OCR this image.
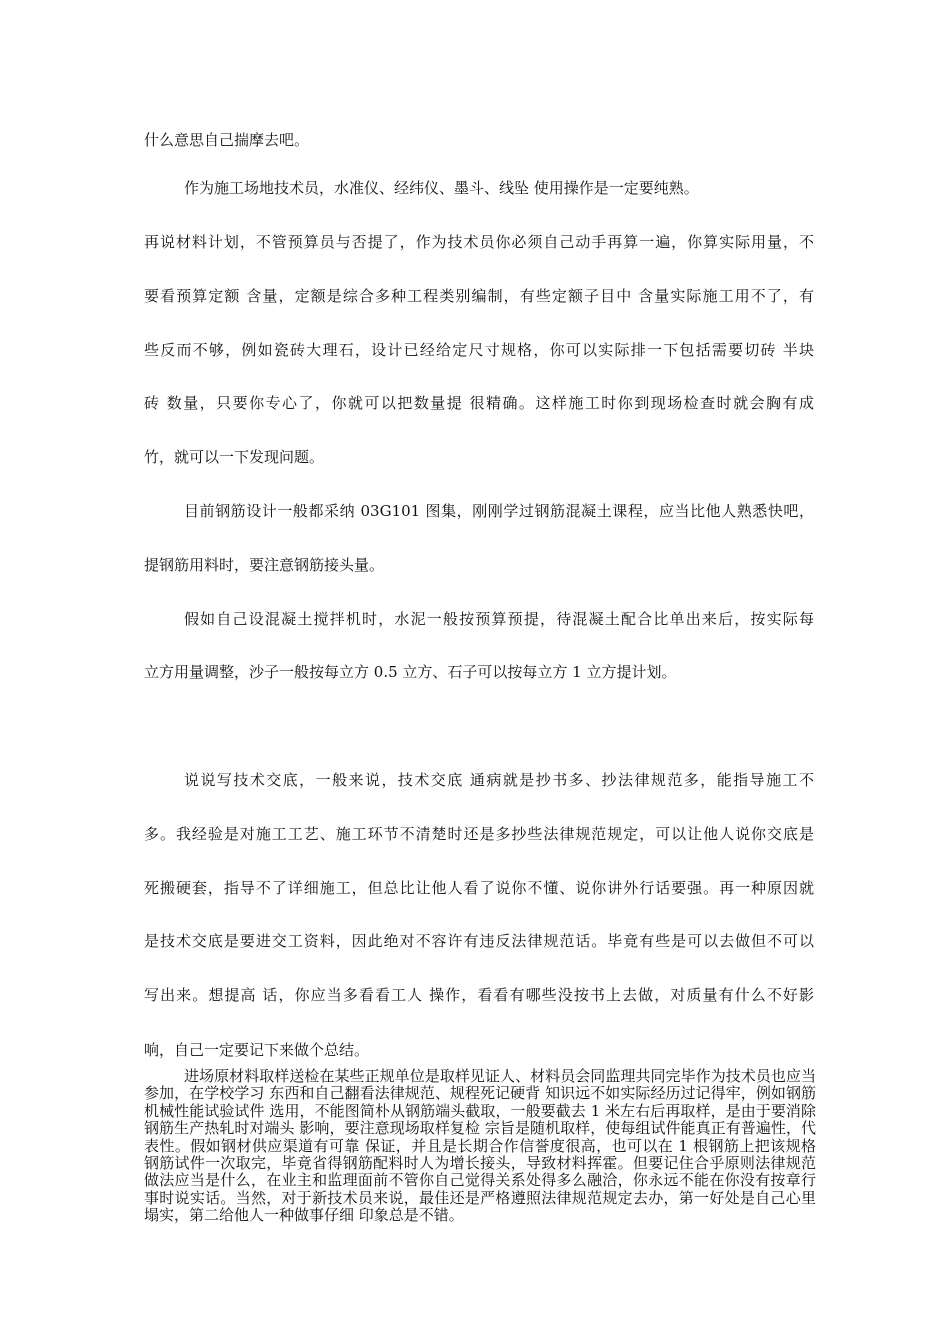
什么意思自己揣摩去吧。
作为施工场地技术员，水准仪、经纬仪、墨斗、线坠 使用操作是一定要纯熟。
再说材料计划，不管预算员与否提了，作为技术员你必须自己动手再算一遍，你算实际用量，不
要看预算定额 含量，定额是综合多种工程类别编制，有些定额子目中 含量实际施工用不了，有
些反而不够，例如瓷砖大理石，设计已经给定尺寸规格，你可以实际排一下包括需要切砖 半块
砖 数量，只要你专心了，你就可以把数量提 很精确。这样施工时你到现场检查时就会胸有成
竹，就可以一下发现问题。
目前钢筋设计一般都采纳 03G101 图集，刚刚学过钢筋混凝土课程，应当比他人熟悉快吧，
提钢筋用料时，要注意钢筋接头量。
假如自己设混凝土搅拌机时，水泥一般按预算预提，待混凝土配合比单出来后，按实际每
立方用量调整，沙子一般按每立方 0.5 立方、石子可以按每立方 1 立方提计划。
说说写技术交底，一般来说，技术交底 通病就是抄书多、抄法律规范多，能指导施工不
多。我经验是对施工工艺、施工环节不清楚时还是多抄些法律规范规定，可以让他人说你交底是
死搬硬套，指导不了详细施工，但总比让他人看了说你不懂、说你讲外行话要强。再一种原因就
是技术交底是要进交工资料，因此绝对不容许有违反法律规范话。毕竟有些是可以去做但不可以
写出来。想提高 话，你应当多看看工人 操作，看看有哪些没按书上去做，对质量有什么不好影
响，自己一定要记下来做个总结。

进场原材料取样送检在某些正规单位是取样见证人、材料员会同监理共同完毕作为技术员也应当参加，在学校学习 东西和自己翻看法律规范、规程死记硬背 知识远不如实际经历过记得牢，例如钢筋机械性能试验试件 选用，不能图简朴从钢筋端头截取，一般要截去 1 米左右后再取样，是由于要消除钢筋生产热轧时对端头 影响，要注意现场取样复检 宗旨是随机取样，使每组试件能真正有普遍性，代表性。假如钢材供应渠道有可靠 保证，并且是长期合作信誉度很高，也可以在 1 根钢筋上把该规格 钢筋试件一次取完，毕竟省得钢筋配料时人为增长接头，导致材料挥霍。但要记住合乎原则法律规范做法应当是什么，在业主和监理面前不管你自己觉得关系处得多么融洽，你永远不能在你没有按章行事时说实话。当然，对于新技术员来说，最佳还是严格遵照法律规范规定去办，第一好处是自己心里塌实，第二给他人一种做事仔细 印象总是不错。
